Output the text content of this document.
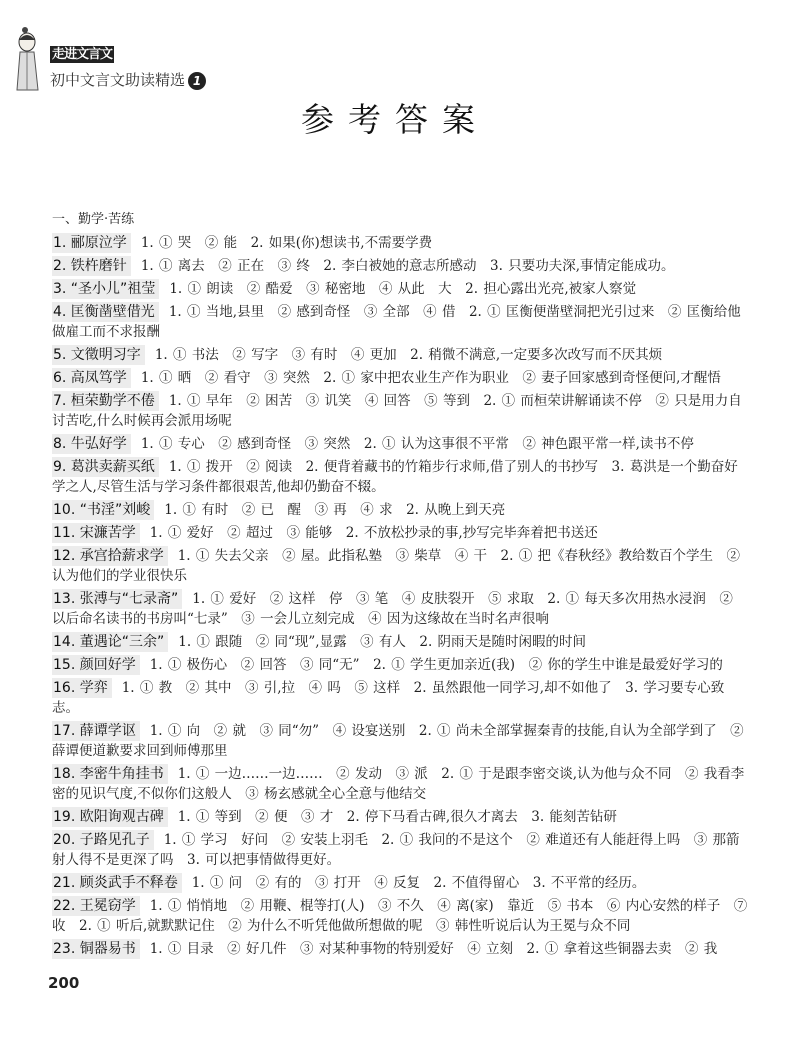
走进文言文
初中文言文助读精选 1
参考答案
一、勤学·苦练
1. 郦原泣学 1. ① 哭　② 能　2. 如果(你)想读书,不需要学费
2. 铁杵磨针 1. ① 离去　② 正在　③ 终　2. 李白被她的意志所感动　3. 只要功夫深,事情定能成功。
3. “圣小儿”祖莹 1. ① 朗读　② 酷爱　③ 秘密地　④ 从此　大　2. 担心露出光亮,被家人察觉
4. 匡衡凿壁借光 1. ① 当地,县里　② 感到奇怪　③ 全部　④ 借　2. ① 匡衡便凿壁洞把光引过来　② 匡衡给他做雇工而不求报酬
5. 文徵明习字 1. ① 书法　② 写字　③ 有时　④ 更加　2. 稍微不满意,一定要多次改写而不厌其烦
6. 高凤笃学 1. ① 晒　② 看守　③ 突然　2. ① 家中把农业生产作为职业　② 妻子回家感到奇怪便问,才醒悟
7. 桓荣勤学不倦 1. ① 早年　② 困苦　③ 讥笑　④ 回答　⑤ 等到　2. ① 而桓荣讲解诵读不停　② 只是用力自讨苦吃,什么时候再会派用场呢
8. 牛弘好学 1. ① 专心　② 感到奇怪　③ 突然　2. ① 认为这事很不平常　② 神色跟平常一样,读书不停
9. 葛洪卖薪买纸 1. ① 拨开　② 阅读　2. 便背着藏书的竹箱步行求师,借了别人的书抄写　3. 葛洪是一个勤奋好学之人,尽管生活与学习条件都很艰苦,他却仍勤奋不辍。
10. “书淫”刘峻 1. ① 有时　② 已　醒　③ 再　④ 求　2. 从晚上到天亮
11. 宋濂苦学 1. ① 爱好　② 超过　③ 能够　2. 不放松抄录的事,抄写完毕奔着把书送还
12. 承宫拾薪求学 1. ① 失去父亲　② 屋。此指私塾　③ 柴草　④ 干　2. ① 把《春秋经》教给数百个学生　② 认为他们的学业很快乐
13. 张溥与“七录斋” 1. ① 爱好　② 这样　停　③ 笔　④ 皮肤裂开　⑤ 求取　2. ① 每天多次用热水浸润　② 以后命名读书的书房叫“七录”　③ 一会儿立刻完成　④ 因为这缘故在当时名声很响
14. 董遇论“三余” 1. ① 跟随　② 同“现”,显露　③ 有人　2. 阴雨天是随时闲暇的时间
15. 颜回好学 1. ① 极伤心　② 回答　③ 同“无”　2. ① 学生更加亲近(我)　② 你的学生中谁是最爱好学习的
16. 学弈 1. ① 教　② 其中　③ 引,拉　④ 吗　⑤ 这样　2. 虽然跟他一同学习,却不如他了　3. 学习要专心致志。
17. 薛谭学讴 1. ① 向　② 就　③ 同“勿”　④ 设宴送别　2. ① 尚未全部掌握秦青的技能,自认为全部学到了　② 薛谭便道歉要求回到师傅那里
18. 李密牛角挂书 1. ① 一边……一边……　② 发动　③ 派　2. ① 于是跟李密交谈,认为他与众不同　② 我看李密的见识气度,不似你们这般人　③ 杨玄感就全心全意与他结交
19. 欧阳询观古碑 1. ① 等到　② 便　③ 才　2. 停下马看古碑,很久才离去　3. 能刻苦钻研
20. 子路见孔子 1. ① 学习　好问　② 安装上羽毛　2. ① 我问的不是这个　② 难道还有人能赶得上吗　③ 那箭射人得不是更深了吗　3. 可以把事情做得更好。
21. 顾炎武手不释卷 1. ① 问　② 有的　③ 打开　④ 反复　2. 不值得留心　3. 不平常的经历。
22. 王冕窃学 1. ① 悄悄地　② 用鞭、棍等打(人)　③ 不久　④ 离(家)　靠近　⑤ 书本　⑥ 内心安然的样子　⑦ 收　2. ① 听后,就默默记住　② 为什么不听凭他做所想做的呢　③ 韩性听说后认为王冕与众不同
23. 铜器易书 1. ① 目录　② 好几件　③ 对某种事物的特别爱好　④ 立刻　2. ① 拿着这些铜器去卖　② 我
200
